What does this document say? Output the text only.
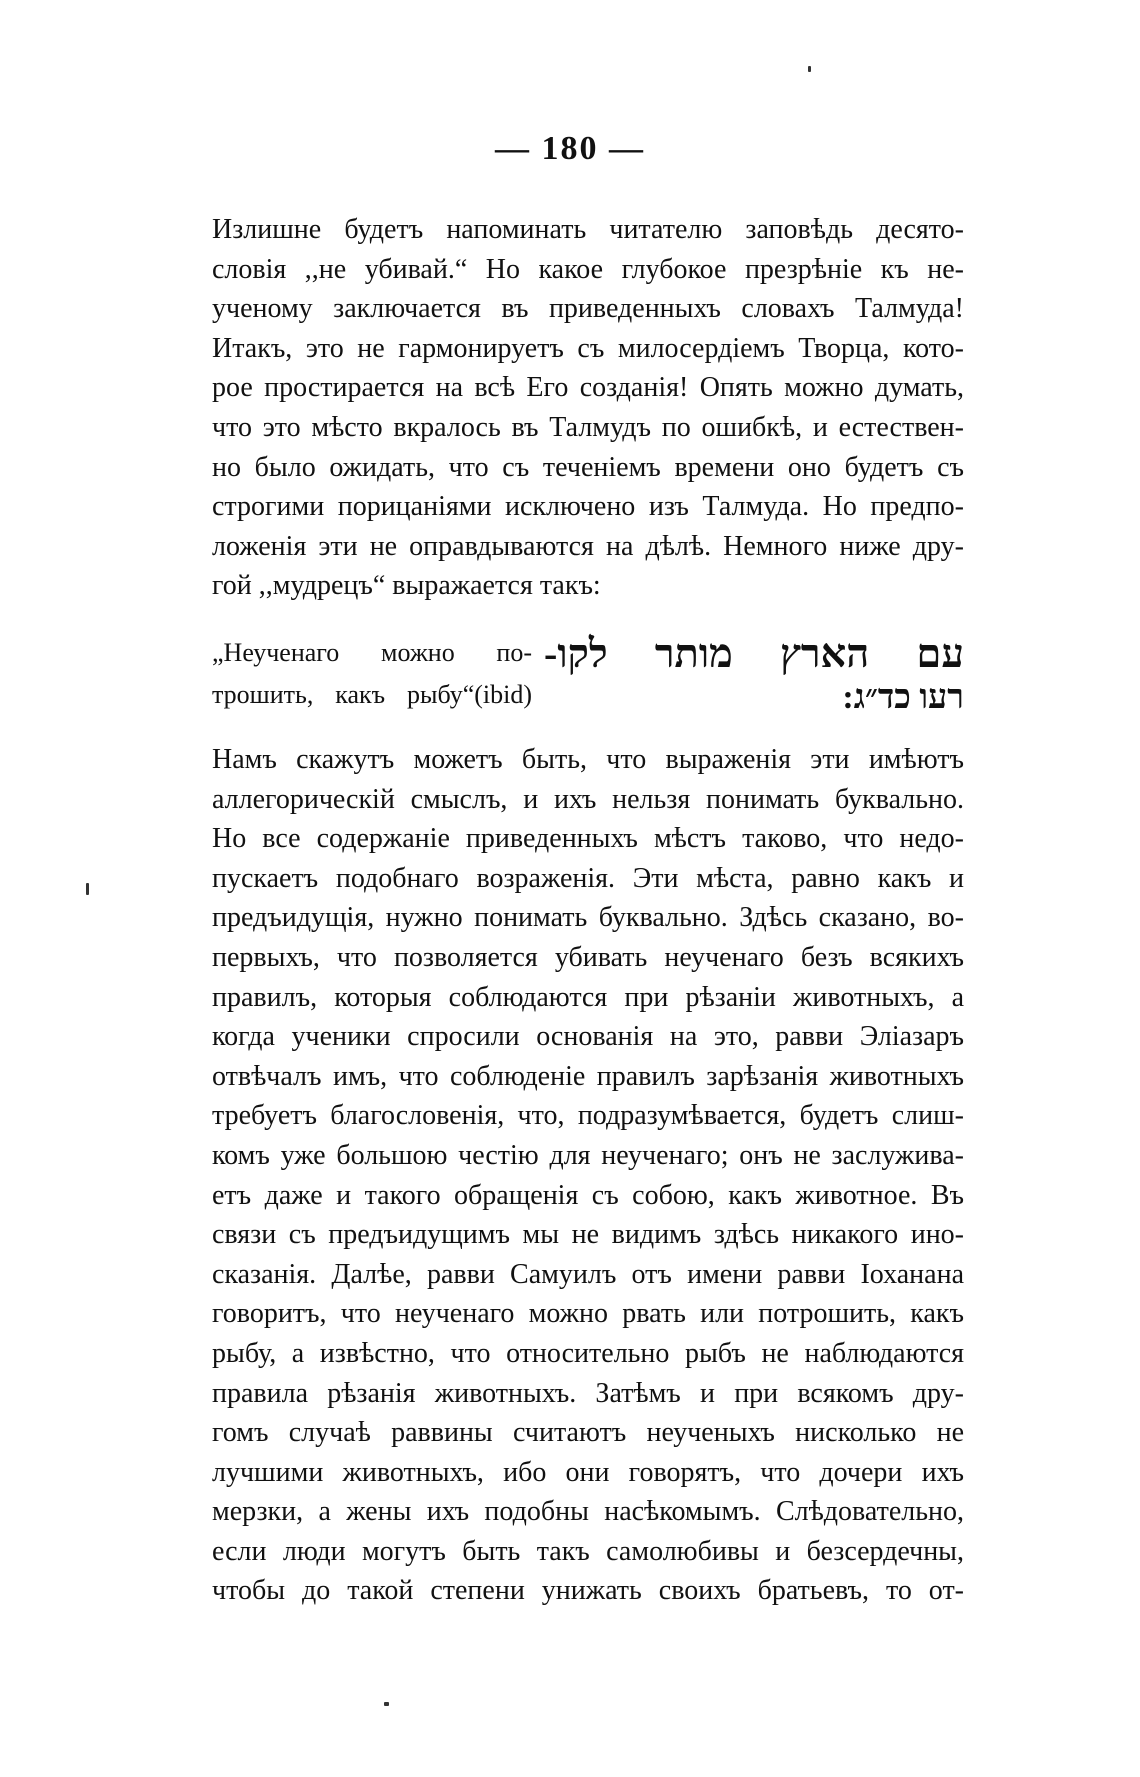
— 180 —
Излишне будетъ напоминать читателю заповѣдь десято-
словія ,,не убивай.“ Но какое глубокое презрѣніе къ не-
ученому заключается въ приведенныхъ словахъ Талмуда!
Итакъ, это не гармонируетъ съ милосердіемъ Творца, кото-
рое простирается на всѣ Его созданія! Опять можно думать,
что это мѣсто вкралось въ Талмудъ по ошибкѣ, и естествен-
но было ожидать, что съ теченіемъ времени оно будетъ съ
строгими порицаніями исключено изъ Талмуда. Но предпо-
ложенія эти не оправдываются на дѣлѣ. Немного ниже дру-
гой ,,мудрецъ“ выражается такъ:
„Неученаго можно по-
трошить, какъ рыбу“(ibid)
עם הארץ מותר לקו-
רעו כד״ג:
Намъ скажутъ можетъ быть, что выраженія эти имѣютъ
аллегорическій смыслъ, и ихъ нельзя понимать буквально.
Но все содержаніе приведенныхъ мѣстъ таково, что недо-
пускаетъ подобнаго возраженія. Эти мѣста, равно какъ и
предъидущія, нужно понимать буквально. Здѣсь сказано, во-
первыхъ, что позволяется убивать неученаго безъ всякихъ
правилъ, которыя соблюдаются при рѣзаніи животныхъ, а
когда ученики спросили основанія на это, равви Эліазаръ
отвѣчалъ имъ, что соблюденіе правилъ зарѣзанія животныхъ
требуетъ благословенія, что, подразумѣвается, будетъ слиш-
комъ уже большою честію для неученаго; онъ не заслужива-
етъ даже и такого обращенія съ собою, какъ животное. Въ
связи съ предъидущимъ мы не видимъ здѣсь никакого ино-
сказанія. Далѣе, равви Самуилъ отъ имени равви Іоханана
говоритъ, что неученаго можно рвать или потрошить, какъ
рыбу, а извѣстно, что относительно рыбъ не наблюдаются
правила рѣзанія животныхъ. Затѣмъ и при всякомъ дру-
гомъ случаѣ раввины считаютъ неученыхъ нисколько не
лучшими животныхъ, ибо они говорятъ, что дочери ихъ
мерзки, а жены ихъ подобны насѣкомымъ. Слѣдовательно,
если люди могутъ быть такъ самолюбивы и безсердечны,
чтобы до такой степени унижать своихъ братьевъ, то от-
